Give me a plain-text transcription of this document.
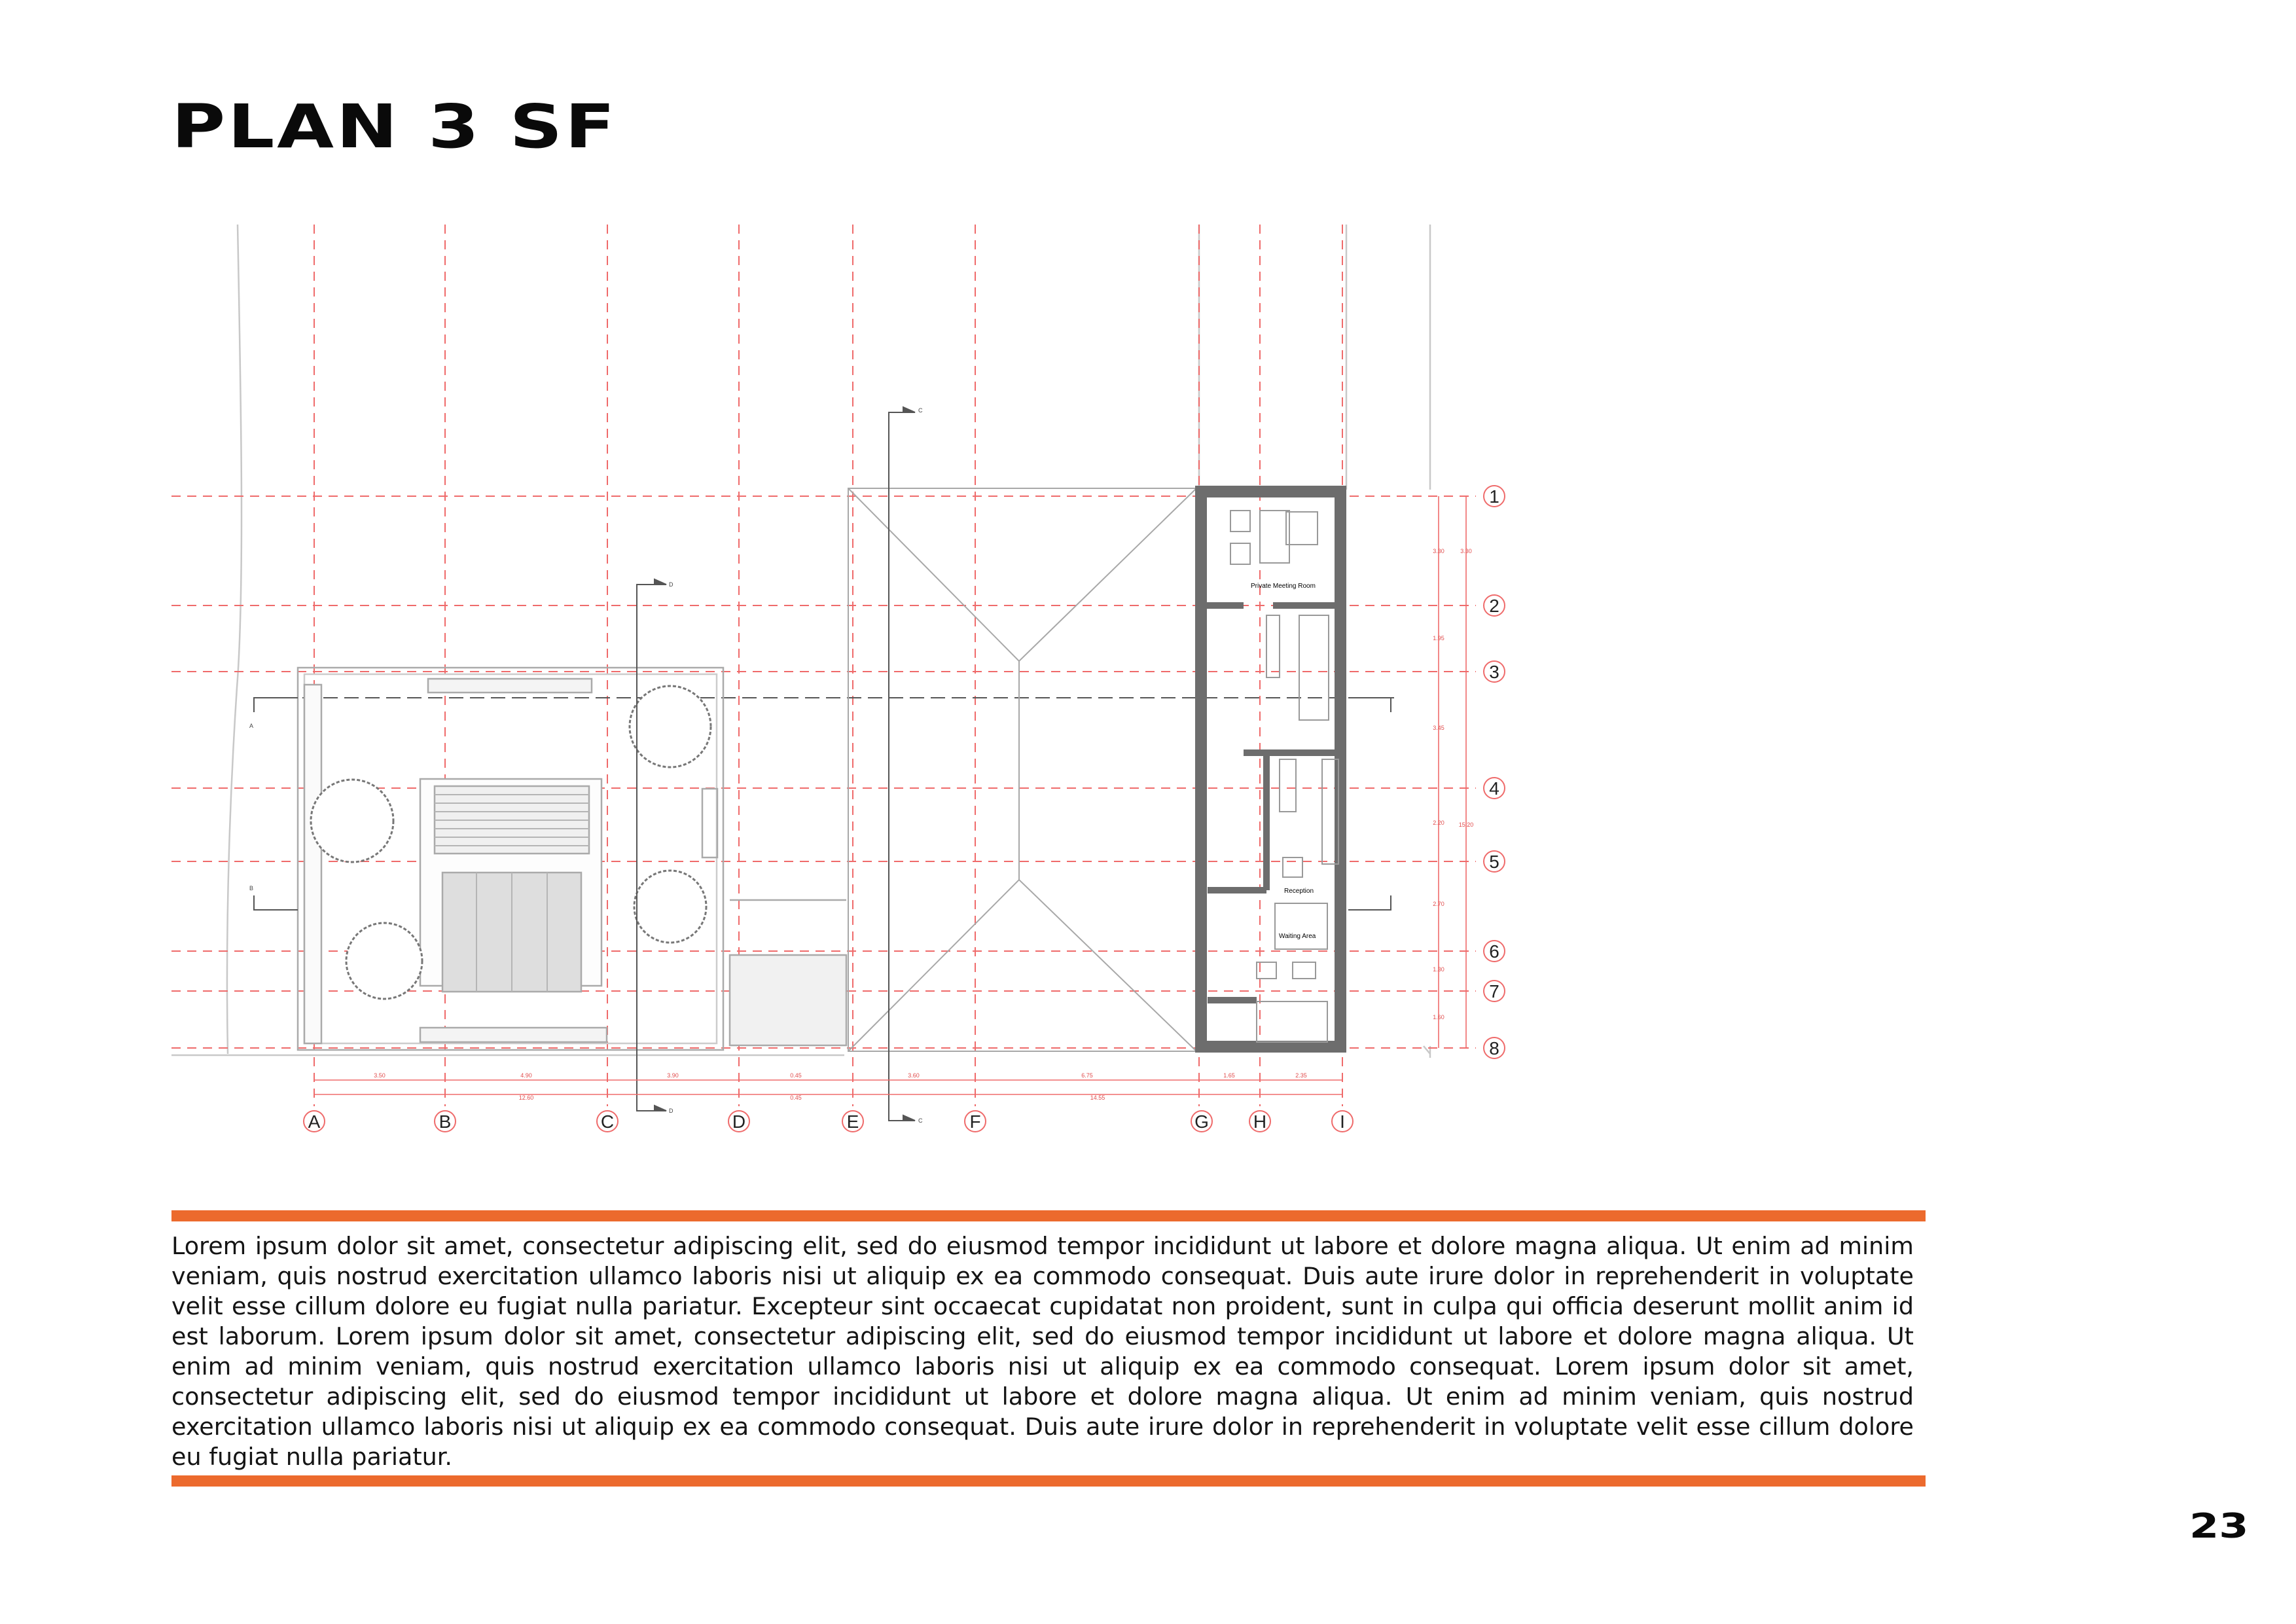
PLAN 3 SF
Private Meeting Room
Reception
Waiting Area
C
C
D
D
A
B
3.50	4.90	3.90	0.45	3.60	6.75	1.65	2.35
12.60	0.45	14.55
3.30	3.30
1.95
3.45
2.20 15.20
2.70
1.30
1.60
A	B	C	D	E	F	G H	I
1
2
3
4
5
6
7
8

Lorem ipsum dolor sit amet, consectetur adipiscing elit, sed do eiusmod tempor incididunt ut labore et dolore magna aliqua. Ut enim ad minim veniam, quis nostrud exercitation ullamco laboris nisi ut aliquip ex ea commodo consequat. Duis aute irure dolor in reprehenderit in voluptate velit esse cillum dolore eu fugiat nulla pariatur. Excepteur sint occaecat cupidatat non proident, sunt in culpa qui officia deserunt mollit anim id est laborum. Lorem ipsum dolor sit amet, consectetur adipiscing elit, sed do eiusmod tempor incididunt ut labore et dolore magna aliqua. Ut enim ad minim veniam, quis nostrud exercitation ullamco laboris nisi ut aliquip ex ea commodo consequat. Lorem ipsum dolor sit amet, consectetur adipiscing elit, sed do eiusmod tempor incididunt ut labore et dolore magna aliqua. Ut enim ad minim veniam, quis nostrud exercitation ullamco laboris nisi ut aliquip ex ea commodo consequat. Duis aute irure dolor in reprehenderit in voluptate velit esse cillum dolore eu fugiat nulla pariatur.

23
